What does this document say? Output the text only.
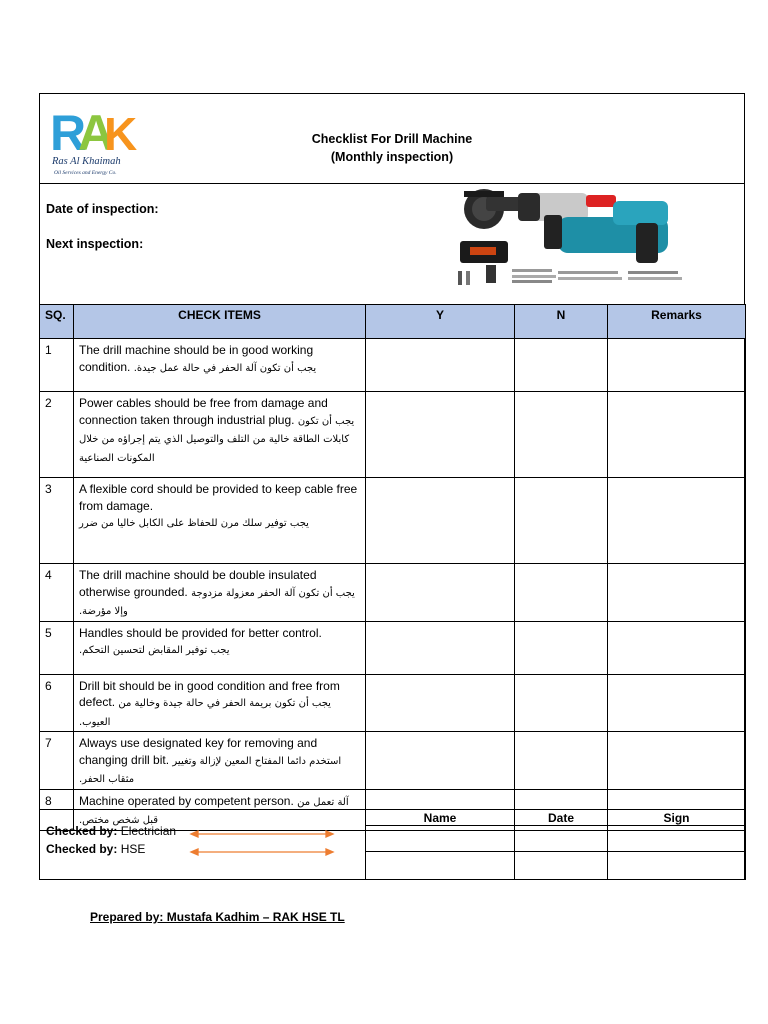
R
A
K
Ras Al Khaimah
Oil Services and Energy Co.
Checklist For Drill Machine
(Monthly inspection)
Date of inspection:
Next inspection:
SQ.	CHECK ITEMS	Y	N	Remarks

1	The drill machine should be in good working condition. يجب أن تكون آلة الحفر في حالة عمل جيدة.			

2	Power cables should be free from damage and connection taken through industrial plug. يجب أن تكون كابلات الطاقة خالية من التلف والتوصيل الذي يتم إجراؤه من خلال المكونات الصناعية			

3	A flexible cord should be provided to keep cable free from damage.
يجب توفير سلك مرن للحفاظ على الكابل خاليا من ضرر			

4	The drill machine should be double insulated otherwise grounded. يجب أن تكون آلة الحفر معزولة مزدوجة وإلا مؤرضة.			

5	Handles should be provided for better control.
يجب توفير المقابض لتحسين التحكم.			

6	Drill bit should be in good condition and free from defect. يجب أن تكون بريمة الحفر في حالة جيدة وخالية من العيوب.			

7	Always use designated key for removing and changing drill bit. استخدم دائما المفتاح المعين لإزالة وتغيير مثقاب الحفر.			

8	Machine operated by competent person. آلة تعمل من قبل شخص مختص.			

Checked by: Electrician
Checked by: HSE	Name	Date	Sign

Prepared by: Mustafa Kadhim – RAK HSE TL
